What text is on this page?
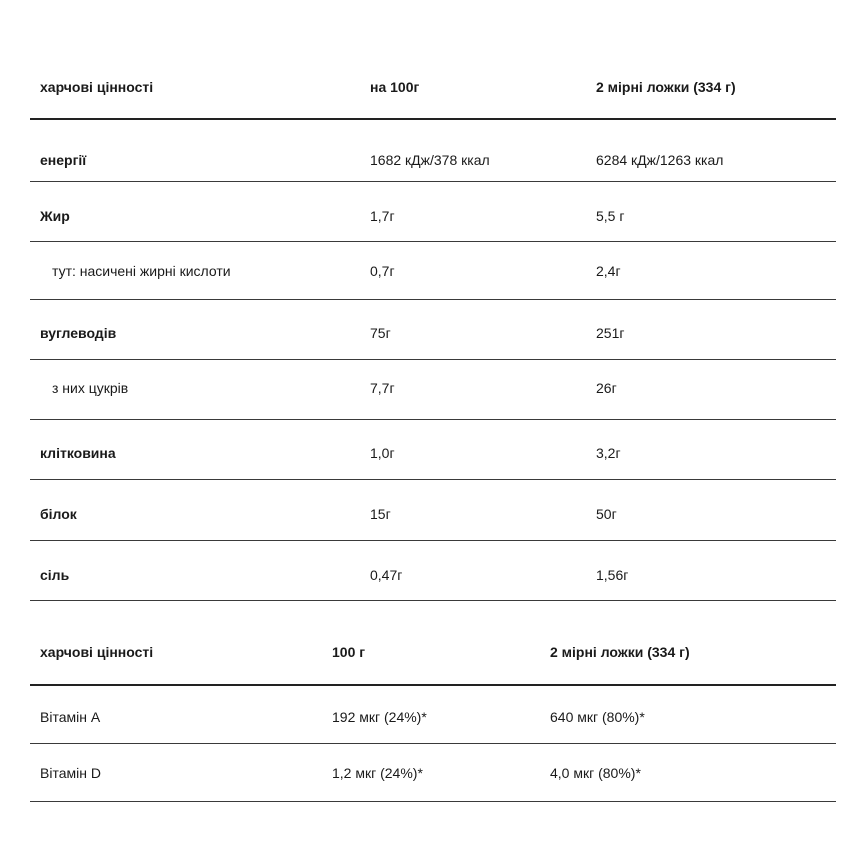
харчові цінності	на 100г	2 мірні ложки (334 г)
енергії	1682 кДж/378 ккал	6284 кДж/1263 ккал
Жир	1,7г	5,5 г
тут: насичені жирні кислоти	0,7г	2,4г
вуглеводів	75г	251г
з них цукрів	7,7г	26г
клітковина	1,0г	3,2г
білок	15г	50г
сіль	0,47г	1,56г
харчові цінності	100 г	2 мірні ложки (334 г)
Вітамін А	192 мкг (24%)*	640 мкг (80%)*
Вітамін D	1,2 мкг (24%)*	4,0 мкг (80%)*
